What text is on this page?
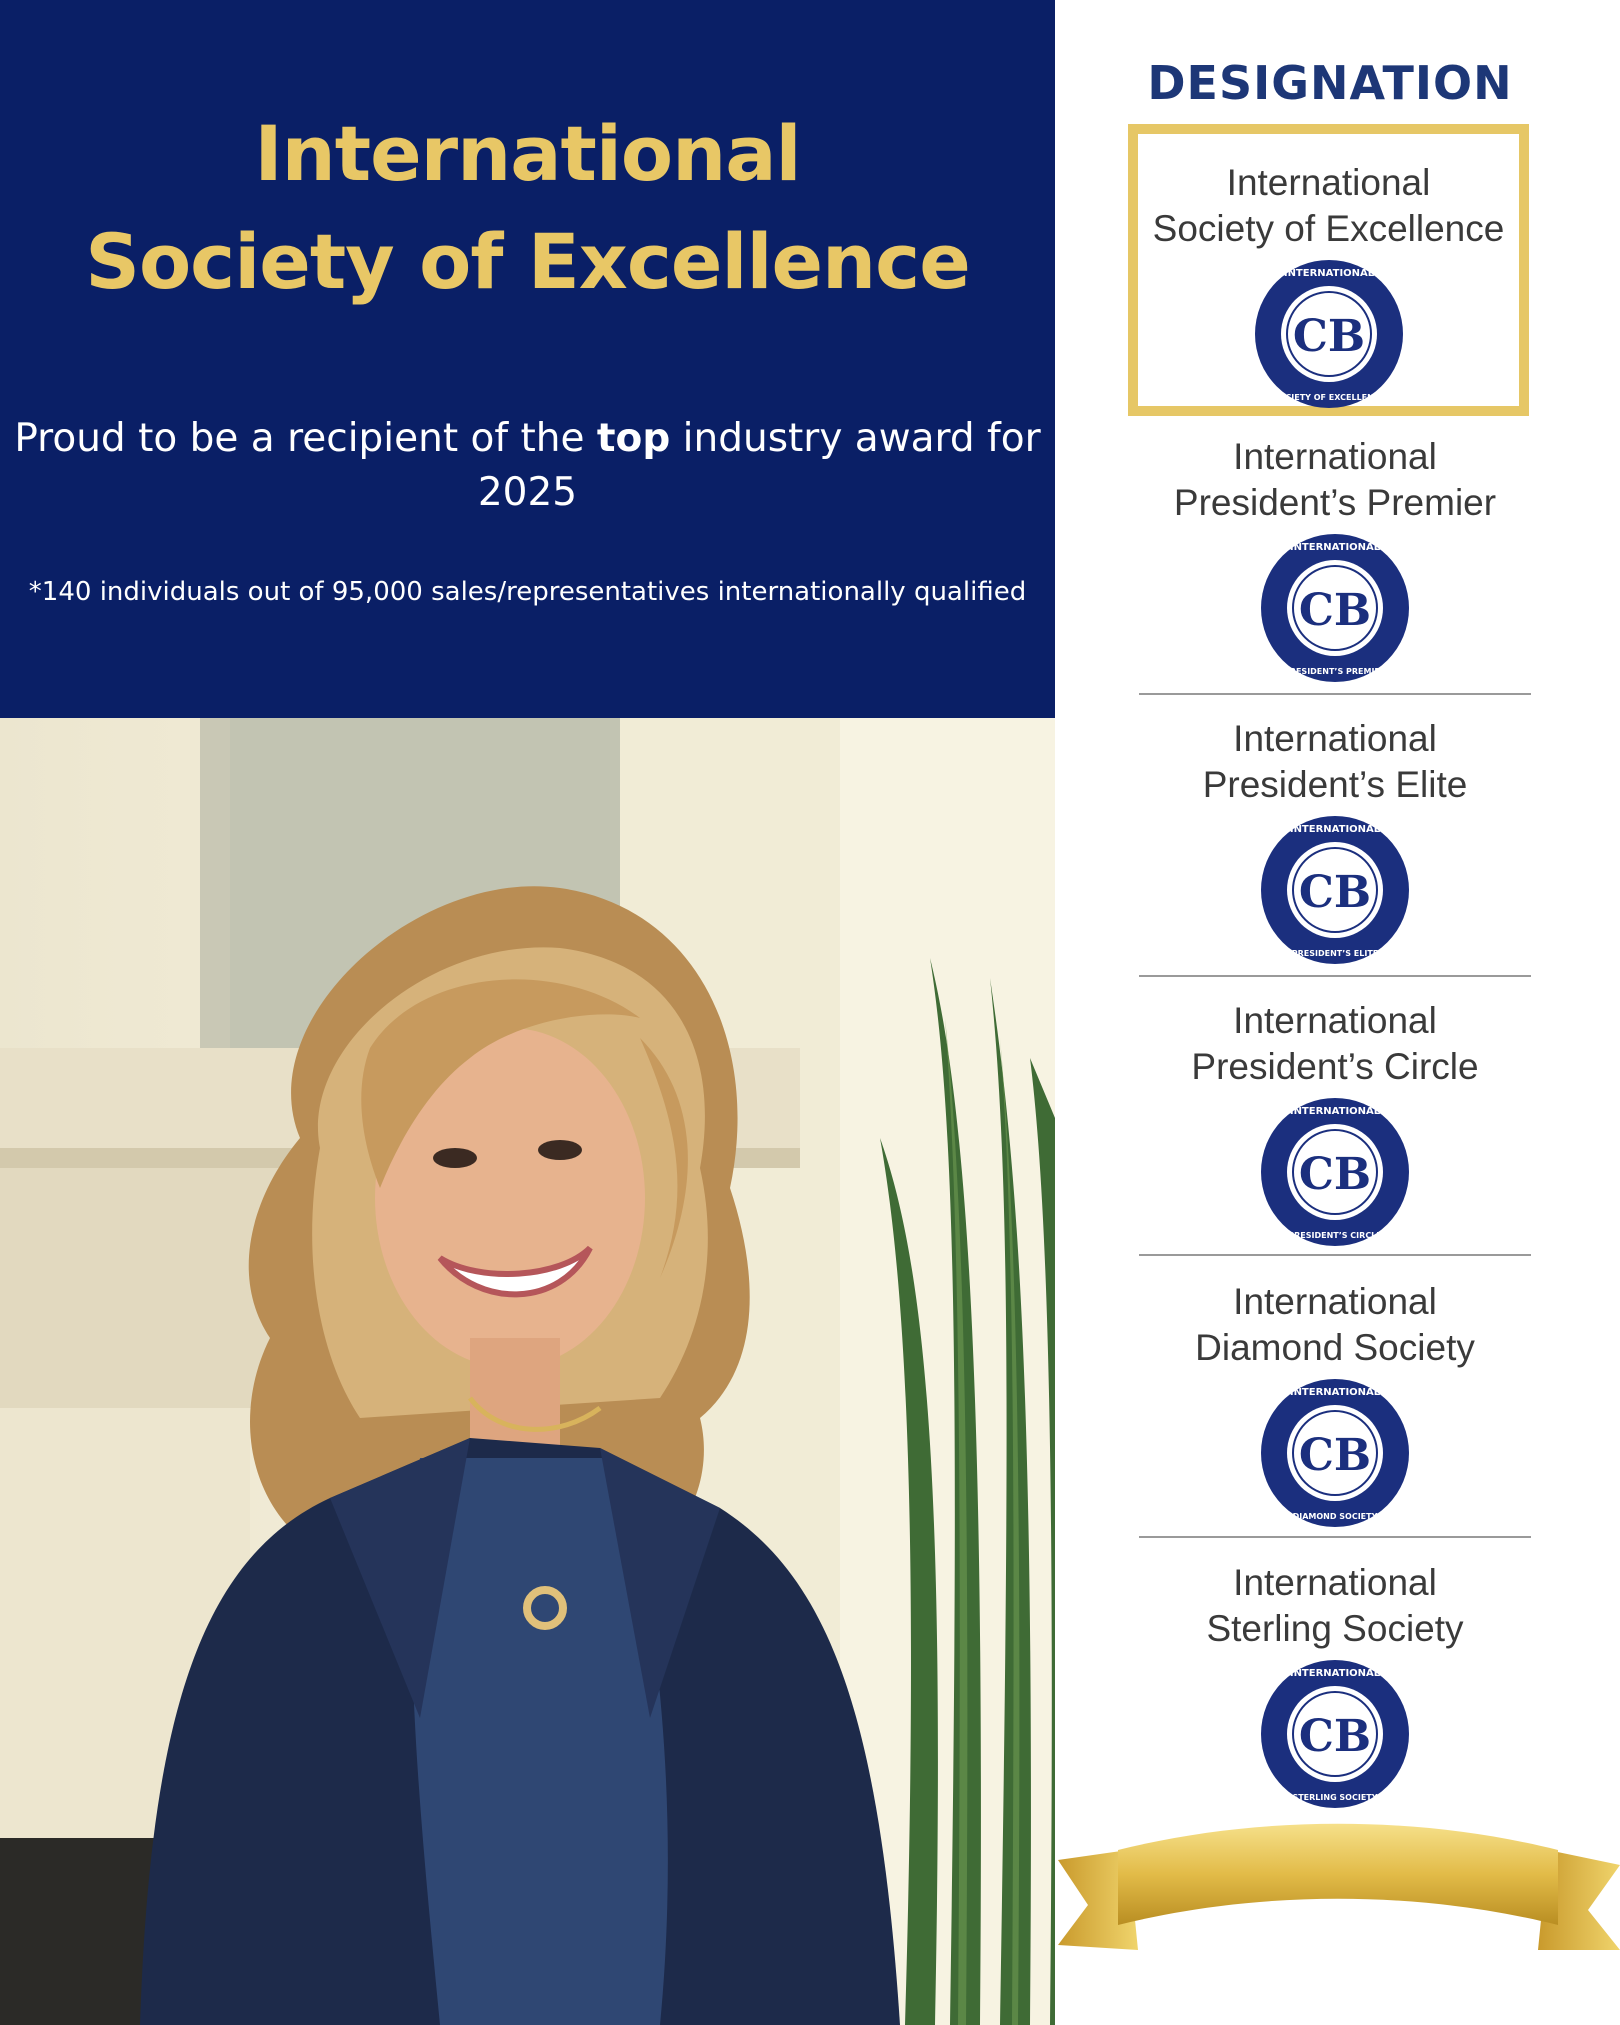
International
Society of Excellence
Proud to be a recipient of the top industry award for 2025
*140 individuals out of 95,000 sales/representatives internationally qualified
DESIGNATION
International
Society of Excellence
CB
INTERNATIONAL
SOCIETY OF EXCELLENCE
International
President’s Premier
CB
INTERNATIONAL
PRESIDENT’S PREMIER
International
President’s Elite
CB
INTERNATIONAL
PRESIDENT’S ELITE
International
President’s Circle
CB
INTERNATIONAL
PRESIDENT’S CIRCLE
International
Diamond Society
CB
INTERNATIONAL
DIAMOND SOCIETY
International
Sterling Society
CB
INTERNATIONAL
STERLING SOCIETY
